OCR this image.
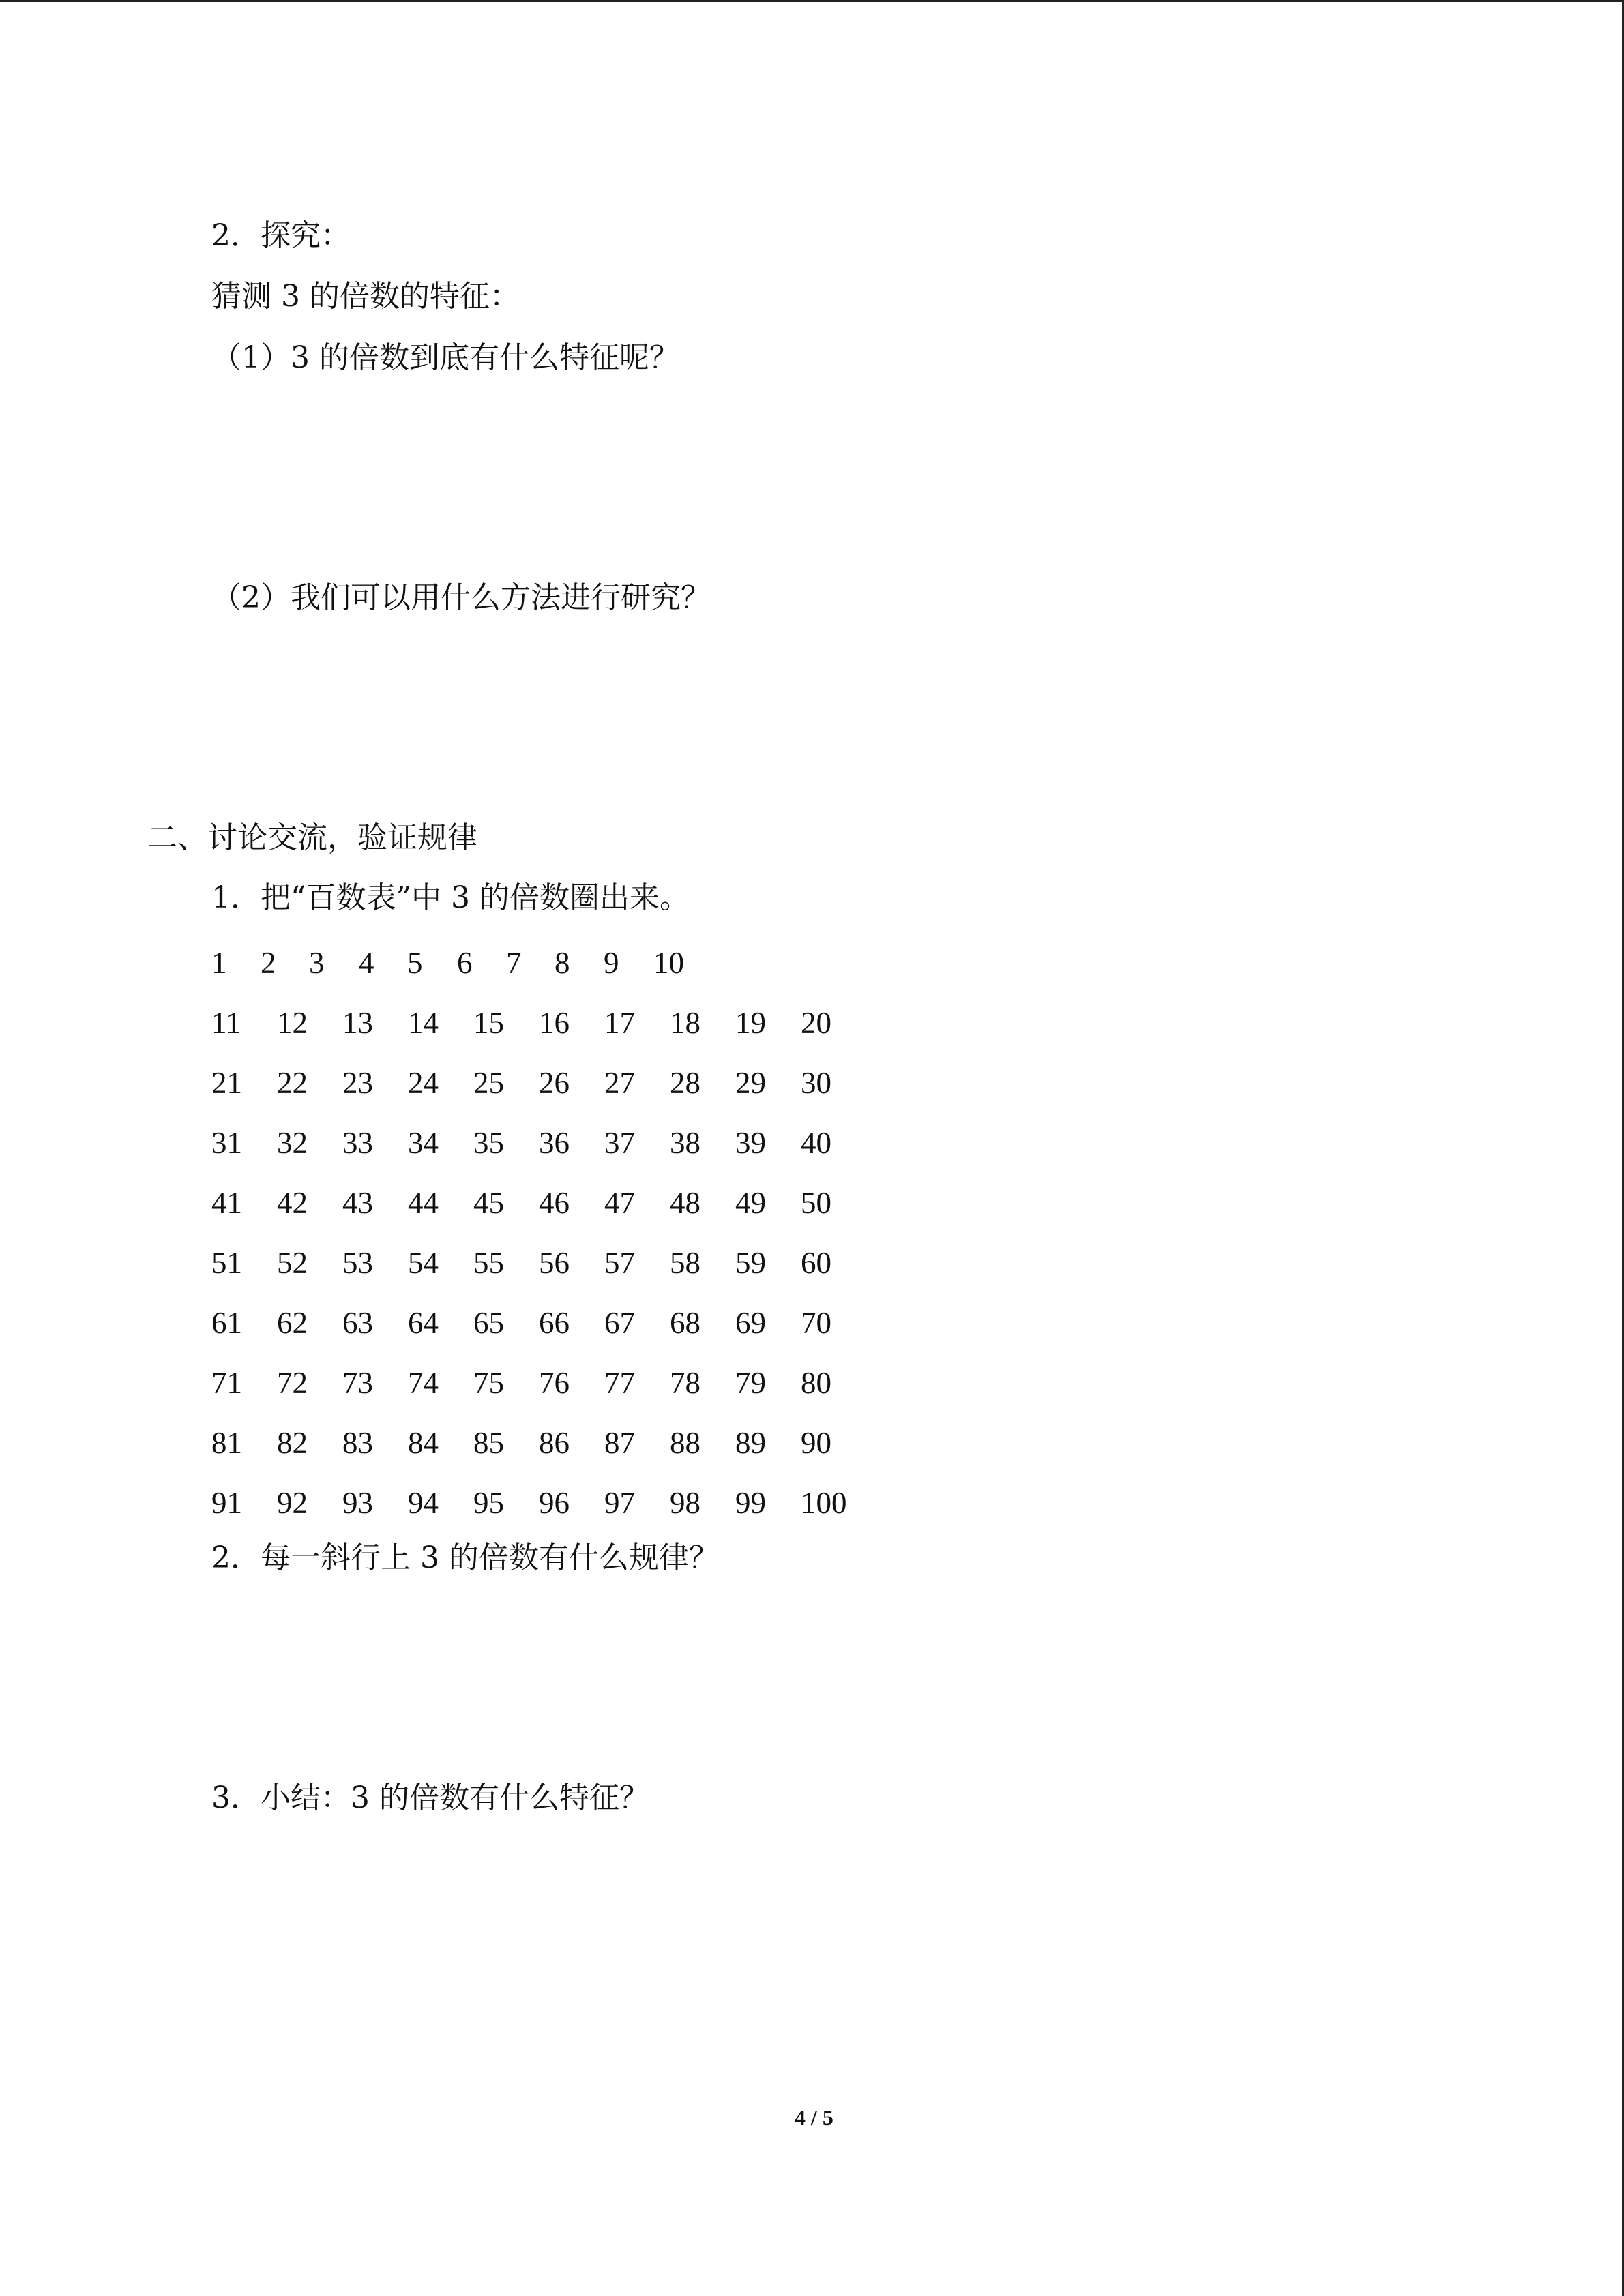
2．探究：
猜测 3 的倍数的特征：
（1）3 的倍数到底有什么特征呢？
（2）我们可以用什么方法进行研究？
二、讨论交流，验证规律
1．把“百数表”中 3 的倍数圈出来。
1 2 3 4 5 6 7 8 9 10
11 12 13 14 15 16 17 18 19 20
21 22 23 24 25 26 27 28 29 30
31 32 33 34 35 36 37 38 39 40
41 42 43 44 45 46 47 48 49 50
51 52 53 54 55 56 57 58 59 60
61 62 63 64 65 66 67 68 69 70
71 72 73 74 75 76 77 78 79 80
81 82 83 84 85 86 87 88 89 90
91 92 93 94 95 96 97 98 99 100
2．每一斜行上 3 的倍数有什么规律？
3．小结：3 的倍数有什么特征？
4 / 5
